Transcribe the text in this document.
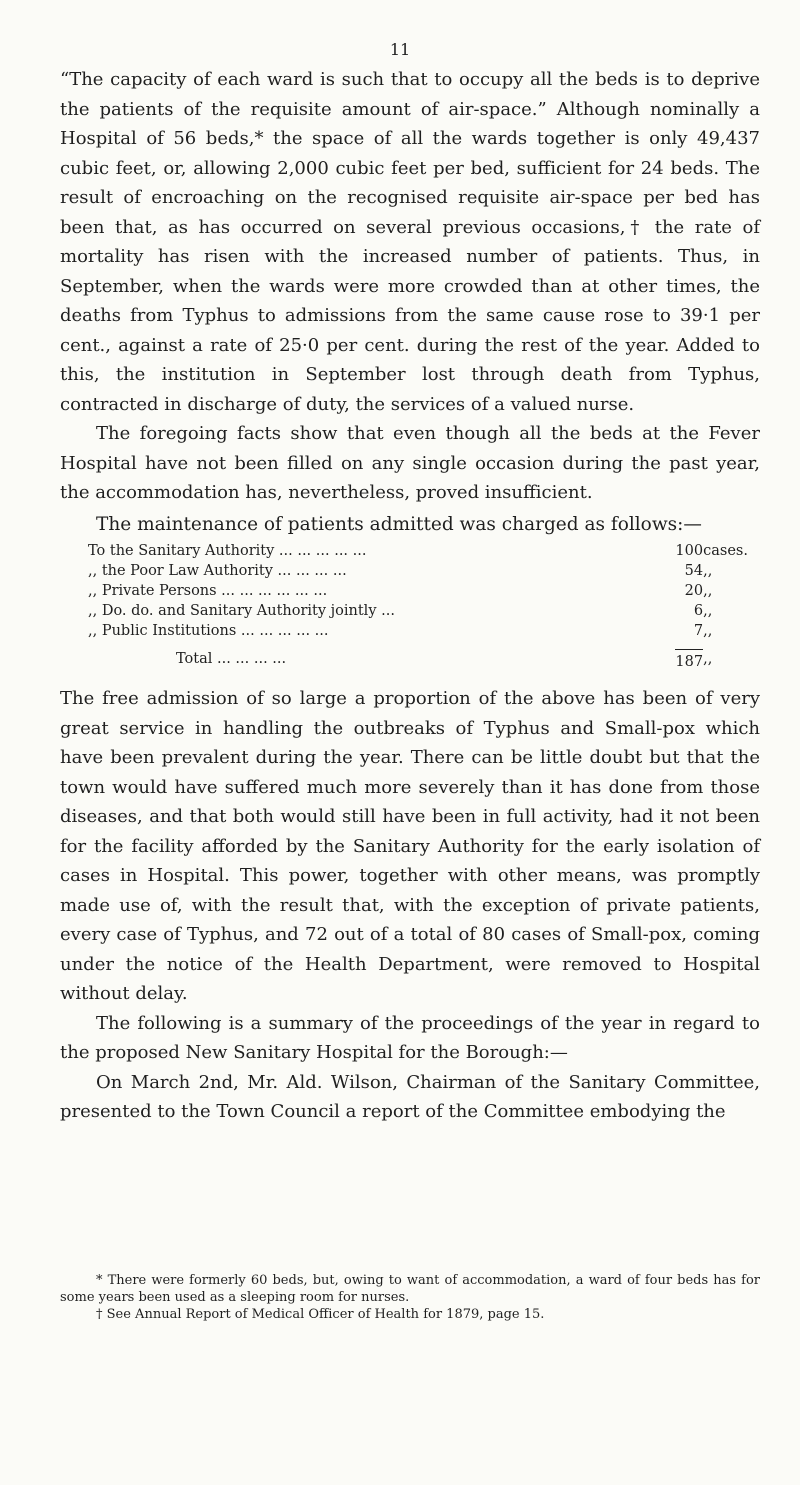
11

“The capacity of each ward is such that to occupy all the beds is to deprive the patients of the requisite amount of air-space.” Although nominally a Hospital of 56 beds,* the space of all the wards together is only 49,437 cubic feet, or, allowing 2,000 cubic feet per bed, sufficient for 24 beds. The result of encroaching on the recognised requisite air-space per bed has been that, as has occurred on several previous occasions,† the rate of mortality has risen with the increased number of patients. Thus, in September, when the wards were more crowded than at other times, the deaths from Typhus to admissions from the same cause rose to 39·1 per cent., against a rate of 25·0 per cent. during the rest of the year. Added to this, the institution in September lost through death from Typhus, contracted in discharge of duty, the services of a valued nurse.

The foregoing facts show that even though all the beds at the Fever Hospital have not been filled on any single occasion during the past year, the accommodation has, nevertheless, proved insufficient.

The maintenance of patients admitted was charged as follows:—

To the Sanitary Authority ... ... ... ... ...	100	cases.
,, the Poor Law Authority ... ... ... ...	54	,,
,, Private Persons ... ... ... ... ... ...	20	,,
,, Do. do. and Sanitary Authority jointly ...	6	,,
,, Public Institutions ... ... ... ... ...	7	,,
Total ... ... ... ...	187	,,

The free admission of so large a proportion of the above has been of very great service in handling the outbreaks of Typhus and Small-pox which have been prevalent during the year. There can be little doubt but that the town would have suffered much more severely than it has done from those diseases, and that both would still have been in full activity, had it not been for the facility afforded by the Sanitary Authority for the early isolation of cases in Hospital. This power, together with other means, was promptly made use of, with the result that, with the exception of private patients, every case of Typhus, and 72 out of a total of 80 cases of Small-pox, coming under the notice of the Health Department, were removed to Hospital without delay.

The following is a summary of the proceedings of the year in regard to the proposed New Sanitary Hospital for the Borough:—

On March 2nd, Mr. Ald. Wilson, Chairman of the Sanitary Committee, presented to the Town Council a report of the Committee embodying the

* There were formerly 60 beds, but, owing to want of accommodation, a ward of four beds has for some years been used as a sleeping room for nurses.

† See Annual Report of Medical Officer of Health for 1879, page 15.
